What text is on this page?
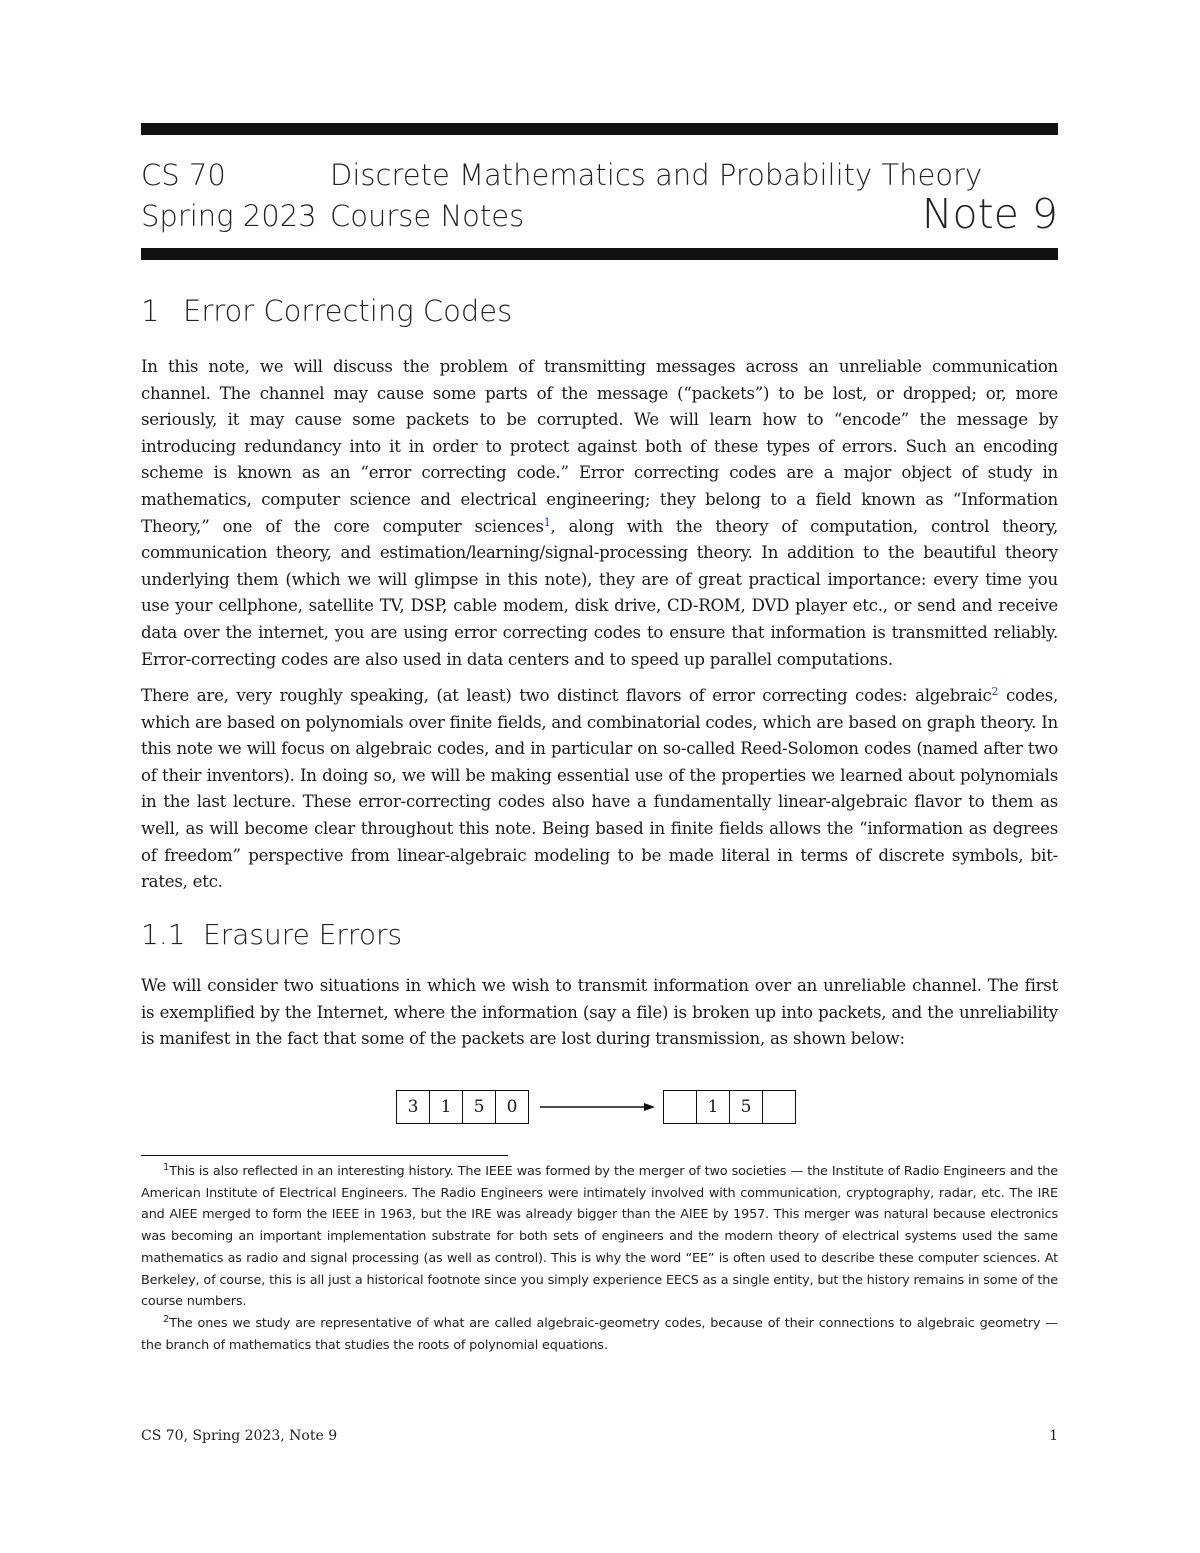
CS 70
Spring 2023
Discrete Mathematics and Probability Theory
Course Notes	Note 9
1 Error Correcting Codes

In this note, we will discuss the problem of transmitting messages across an unreliable communication channel. The channel may cause some parts of the message (“packets”) to be lost, or dropped; or, more seriously, it may cause some packets to be corrupted. We will learn how to “encode” the message by introducing redundancy into it in order to protect against both of these types of errors. Such an encoding scheme is known as an “error correcting code.” Error correcting codes are a major object of study in mathematics, computer science and electrical engineering; they belong to a field known as “Information Theory,” one of the core computer sciences$^1$, along with the theory of computation, control theory, communication theory, and estimation/learning/signal-processing theory. In addition to the beautiful theory underlying them (which we will glimpse in this note), they are of great practical importance: every time you use your cellphone, satellite TV, DSP, cable modem, disk drive, CD-ROM, DVD player etc., or send and receive data over the internet, you are using error correcting codes to ensure that information is transmitted reliably. Error-correcting codes are also used in data centers and to speed up parallel computations.

There are, very roughly speaking, (at least) two distinct flavors of error correcting codes: algebraic$^2$ codes, which are based on polynomials over finite fields, and combinatorial codes, which are based on graph theory. In this note we will focus on algebraic codes, and in particular on so-called Reed-Solomon codes (named after two of their inventors). In doing so, we will be making essential use of the properties we learned about polynomials in the last lecture. These error-correcting codes also have a fundamentally linear-algebraic flavor to them as well, as will become clear throughout this note. Being based in finite fields allows the “information as degrees of freedom” perspective from linear-algebraic modeling to be made literal in terms of discrete symbols, bit-rates, etc.

1.1 Erasure Errors

We will consider two situations in which we wish to transmit information over an unreliable channel. The first is exemplified by the Internet, where the information (say a file) is broken up into packets, and the unreliability is manifest in the fact that some of the packets are lost during transmission, as shown below:

3	1	5	0	1	5

$^1$This is also reflected in an interesting history. The IEEE was formed by the merger of two societies — the Institute of Radio Engineers and the American Institute of Electrical Engineers. The Radio Engineers were intimately involved with communication, cryptography, radar, etc. The IRE and AIEE merged to form the IEEE in 1963, but the IRE was already bigger than the AIEE by 1957. This merger was natural because electronics was becoming an important implementation substrate for both sets of engineers and the modern theory of electrical systems used the same mathematics as radio and signal processing (as well as control). This is why the word “EE” is often used to describe these computer sciences. At Berkeley, of course, this is all just a historical footnote since you simply experience EECS as a single entity, but the history remains in some of the course numbers.

$^2$The ones we study are representative of what are called algebraic-geometry codes, because of their connections to algebraic geometry — the branch of mathematics that studies the roots of polynomial equations.

CS 70, Spring 2023, Note 9	1
